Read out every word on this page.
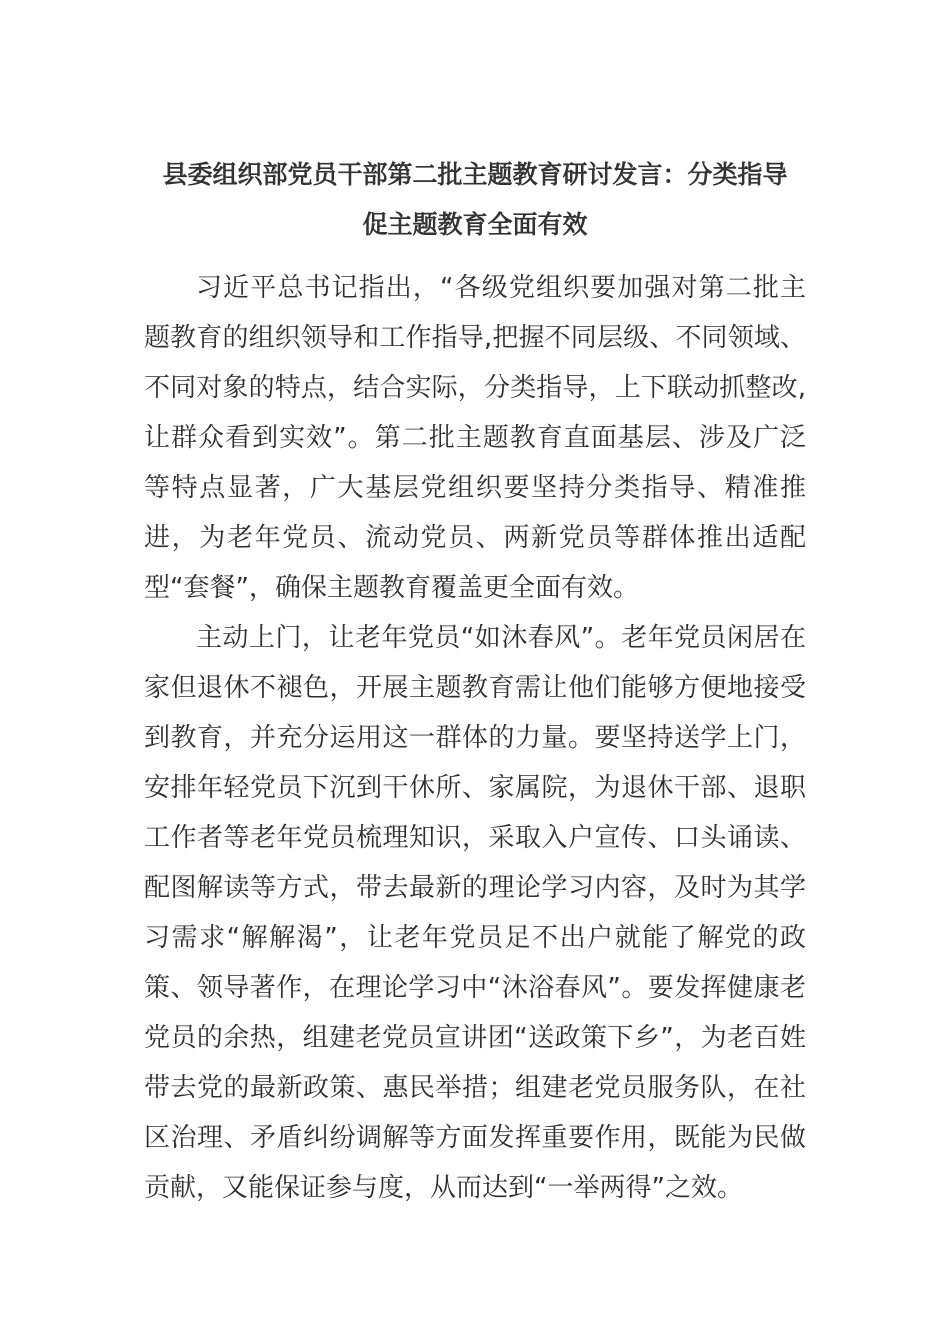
县委组织部党员干部第二批主题教育研讨发言：分类指导
促主题教育全面有效

习近平总书记指出，“各级党组织要加强对第二批主题教育的组织领导和工作指导,把握不同层级、不同领域、不同对象的特点，结合实际，分类指导，上下联动抓整改,让群众看到实效”。第二批主题教育直面基层、涉及广泛等特点显著，广大基层党组织要坚持分类指导、精准推进，为老年党员、流动党员、两新党员等群体推出适配型“套餐”，确保主题教育覆盖更全面有效。

主动上门，让老年党员“如沐春风”。老年党员闲居在家但退休不褪色，开展主题教育需让他们能够方便地接受到教育，并充分运用这一群体的力量。要坚持送学上门，安排年轻党员下沉到干休所、家属院，为退休干部、退职工作者等老年党员梳理知识，采取入户宣传、口头诵读、配图解读等方式，带去最新的理论学习内容，及时为其学习需求“解解渴”，让老年党员足不出户就能了解党的政策、领导著作，在理论学习中“沐浴春风”。要发挥健康老党员的余热，组建老党员宣讲团“送政策下乡”，为老百姓带去党的最新政策、惠民举措；组建老党员服务队，在社区治理、矛盾纠纷调解等方面发挥重要作用，既能为民做贡献，又能保证参与度，从而达到“一举两得”之效。
